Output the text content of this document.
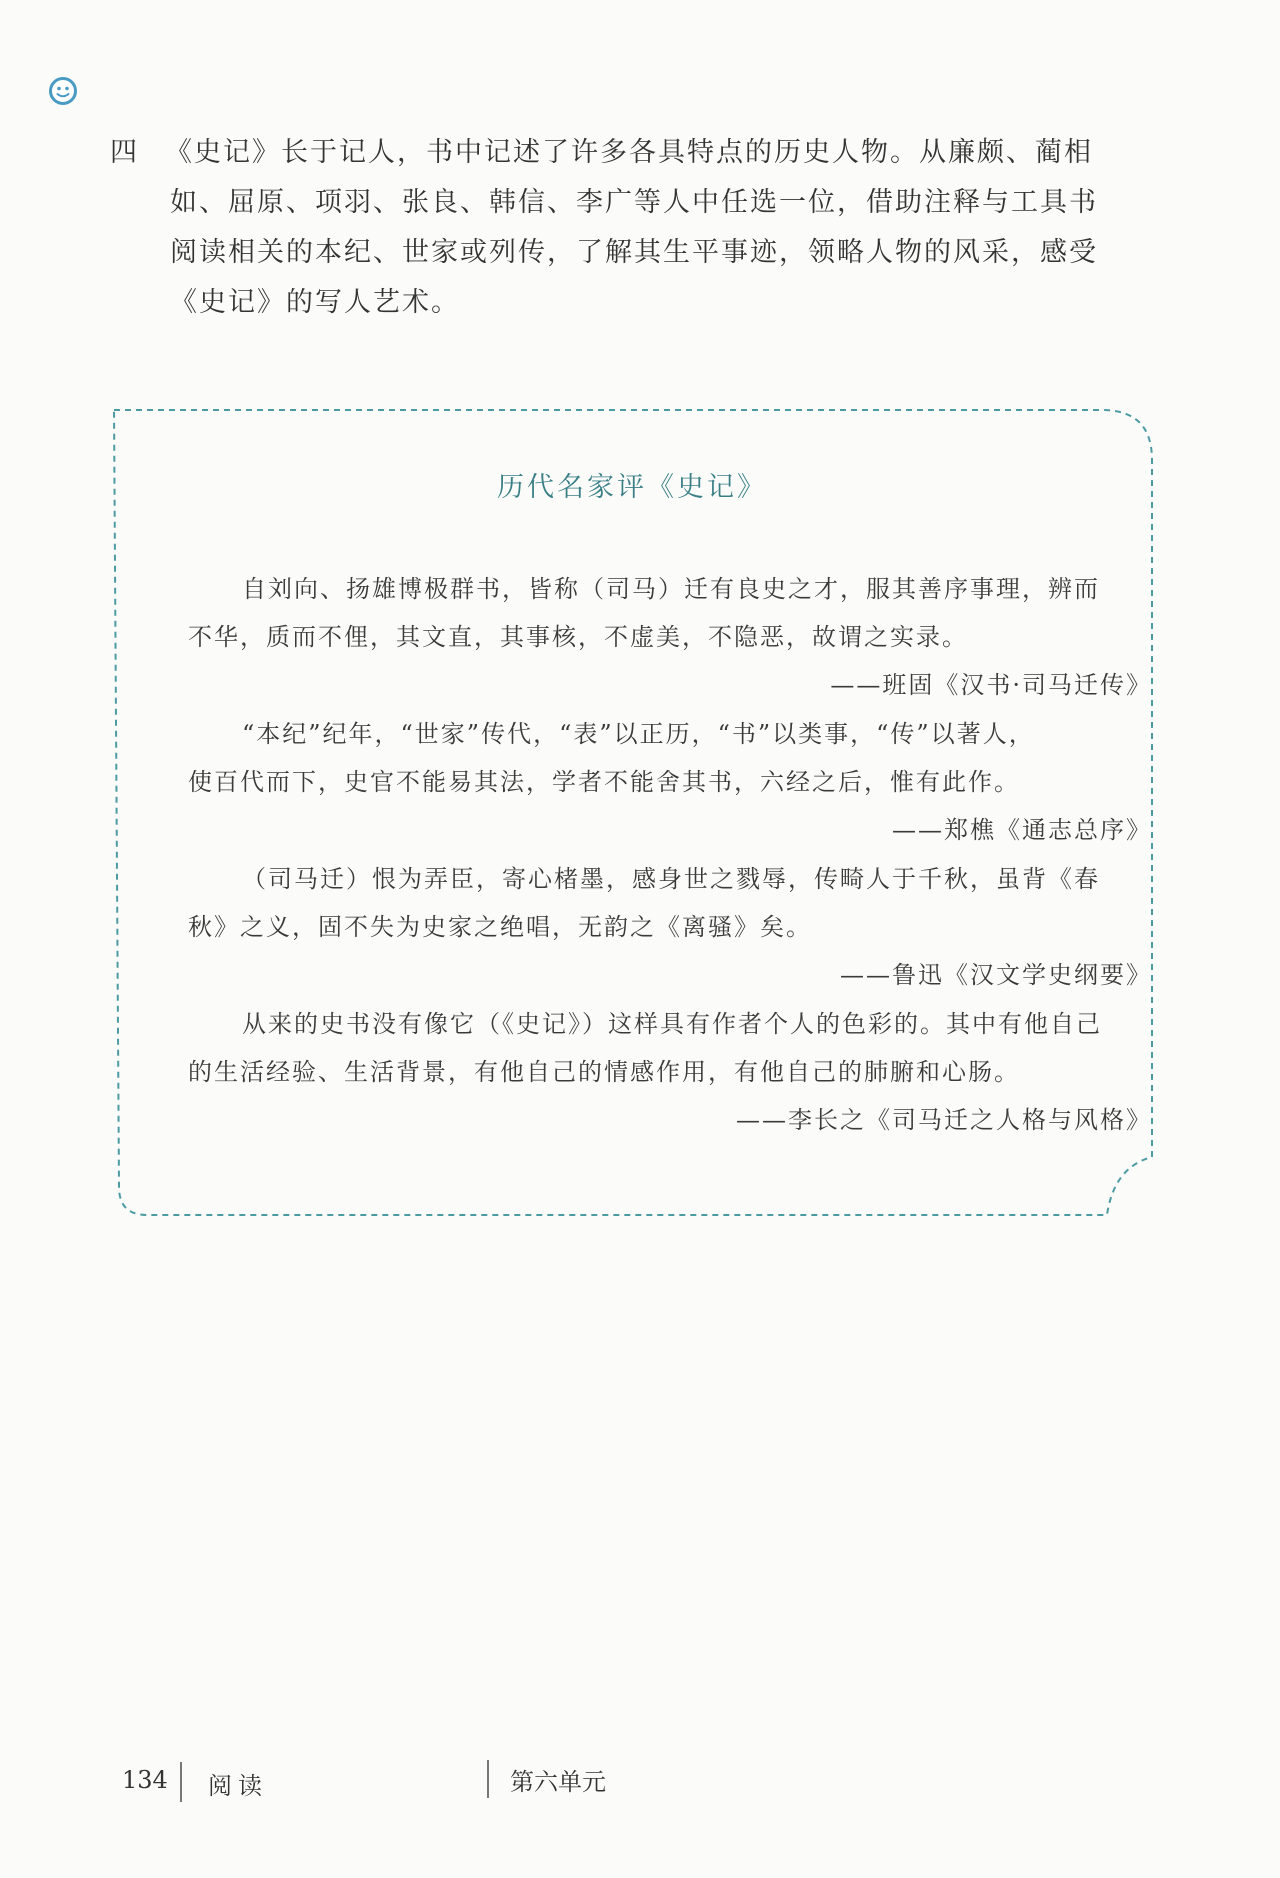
四 《史记》长于记人，书中记述了许多各具特点的历史人物。从廉颇、蔺相
如、屈原、项羽、张良、韩信、李广等人中任选一位，借助注释与工具书
阅读相关的本纪、世家或列传，了解其生平事迹，领略人物的风采，感受
《史记》的写人艺术。
历代名家评《史记》
自刘向、扬雄博极群书，皆称（司马）迁有良史之才，服其善序事理，辨而
不华，质而不俚，其文直，其事核，不虚美，不隐恶，故谓之实录。
——班固《汉书·司马迁传》
“本纪”纪年，“世家”传代，“表”以正历，“书”以类事，“传”以著人，
使百代而下，史官不能易其法，学者不能舍其书，六经之后，惟有此作。
——郑樵《通志总序》
（司马迁）恨为弄臣，寄心楮墨，感身世之戮辱，传畸人于千秋，虽背《春
秋》之义，固不失为史家之绝唱，无韵之《离骚》矣。
——鲁迅《汉文学史纲要》
从来的史书没有像它（《史记》）这样具有作者个人的色彩的。其中有他自己
的生活经验、生活背景，有他自己的情感作用，有他自己的肺腑和心肠。
——李长之《司马迁之人格与风格》
134 阅读	第六单元
